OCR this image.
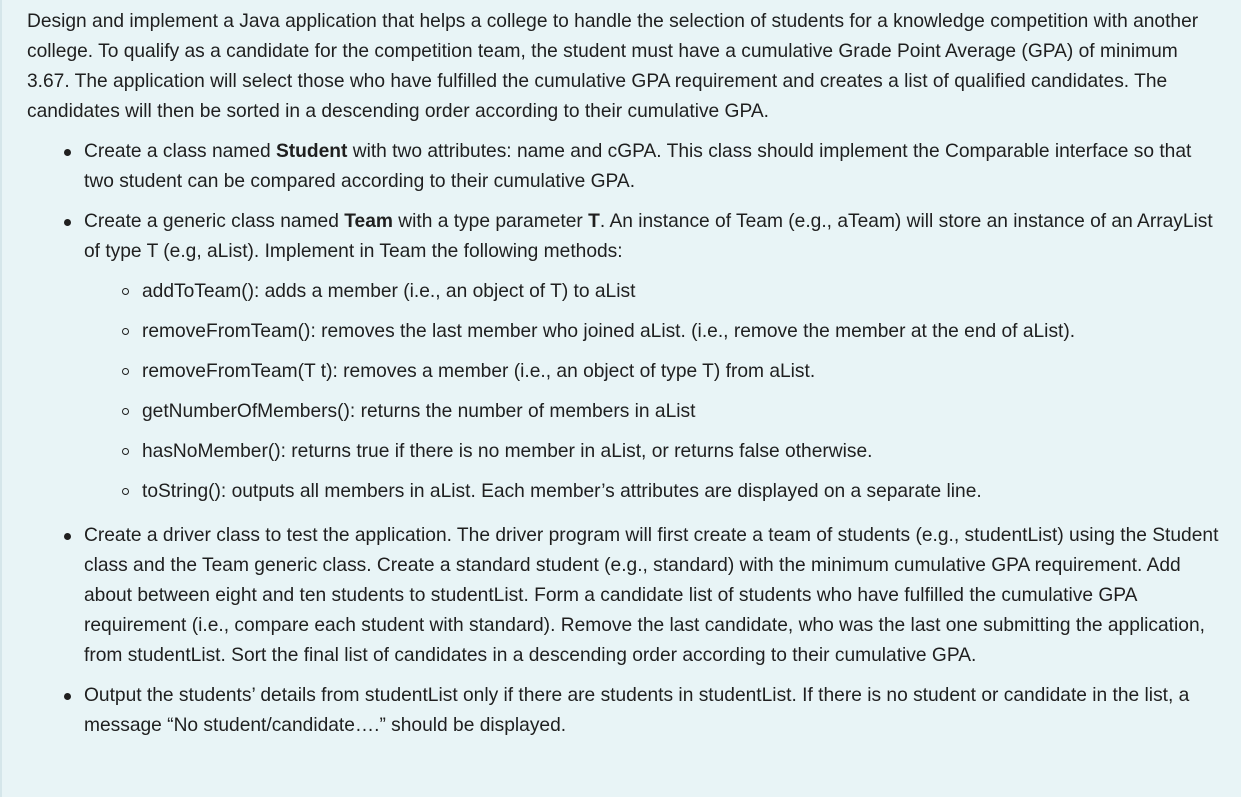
Design and implement a Java application that helps a college to handle the selection of students for a knowledge competition with another college. To qualify as a candidate for the competition team, the student must have a cumulative Grade Point Average (GPA) of minimum 3.67. The application will select those who have fulfilled the cumulative GPA requirement and creates a list of qualified candidates. The candidates will then be sorted in a descending order according to their cumulative GPA.

Create a class named Student with two attributes: name and cGPA. This class should implement the Comparable interface so that two student can be compared according to their cumulative GPA.
Create a generic class named Team with a type parameter T. An instance of Team (e.g., aTeam) will store an instance of an ArrayList of type T (e.g, aList). Implement in Team the following methods:
addToTeam(): adds a member (i.e., an object of T) to aList
removeFromTeam(): removes the last member who joined aList. (i.e., remove the member at the end of aList).
removeFromTeam(T t): removes a member (i.e., an object of type T) from aList.
getNumberOfMembers(): returns the number of members in aList
hasNoMember(): returns true if there is no member in aList, or returns false otherwise.
toString(): outputs all members in aList. Each member’s attributes are displayed on a separate line.
Create a driver class to test the application. The driver program will first create a team of students (e.g., studentList) using the Student class and the Team generic class. Create a standard student (e.g., standard) with the minimum cumulative GPA requirement. Add about between eight and ten students to studentList. Form a candidate list of students who have fulfilled the cumulative GPA requirement (i.e., compare each student with standard). Remove the last candidate, who was the last one submitting the application, from studentList. Sort the final list of candidates in a descending order according to their cumulative GPA.
Output the students’ details from studentList only if there are students in studentList. If there is no student or candidate in the list, a message “No student/candidate….” should be displayed.
